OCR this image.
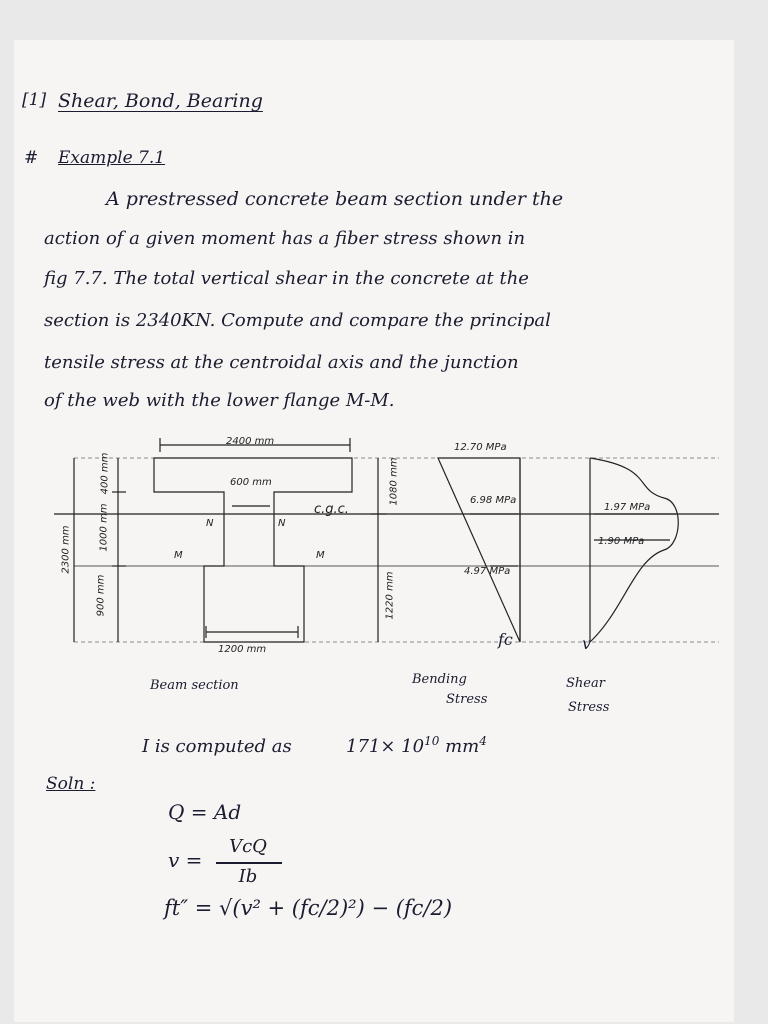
[1] Shear, Bond, Bearing
# Example 7.1
A prestressed concrete beam section under the
action of a given moment has a fiber stress shown in
fig 7.7. The total vertical shear in the concrete at the
section is 2340KN. Compute and compare the principal
tensile stress at the centroidal axis and the junction
of the web with the lower flange M-M.
2400 mm
600 mm
c.g.c.
N	N
M	M
1200 mm
2300 mm
400 mm
1000 mm
900 mm
1080 mm
1220 mm
12.70 MPa
6.98 MPa
4.97 MPa
fc
1.97 MPa
1.90 MPa
v
Beam section	Bending
Stress
Shear
Stress
I is computed as	$171\times 10^{10}$ $mm^4$
Soln :
Q = Ad
v =
VcQ
Ib
ft″ = √(v² + (fc/2)²) − (fc/2)
